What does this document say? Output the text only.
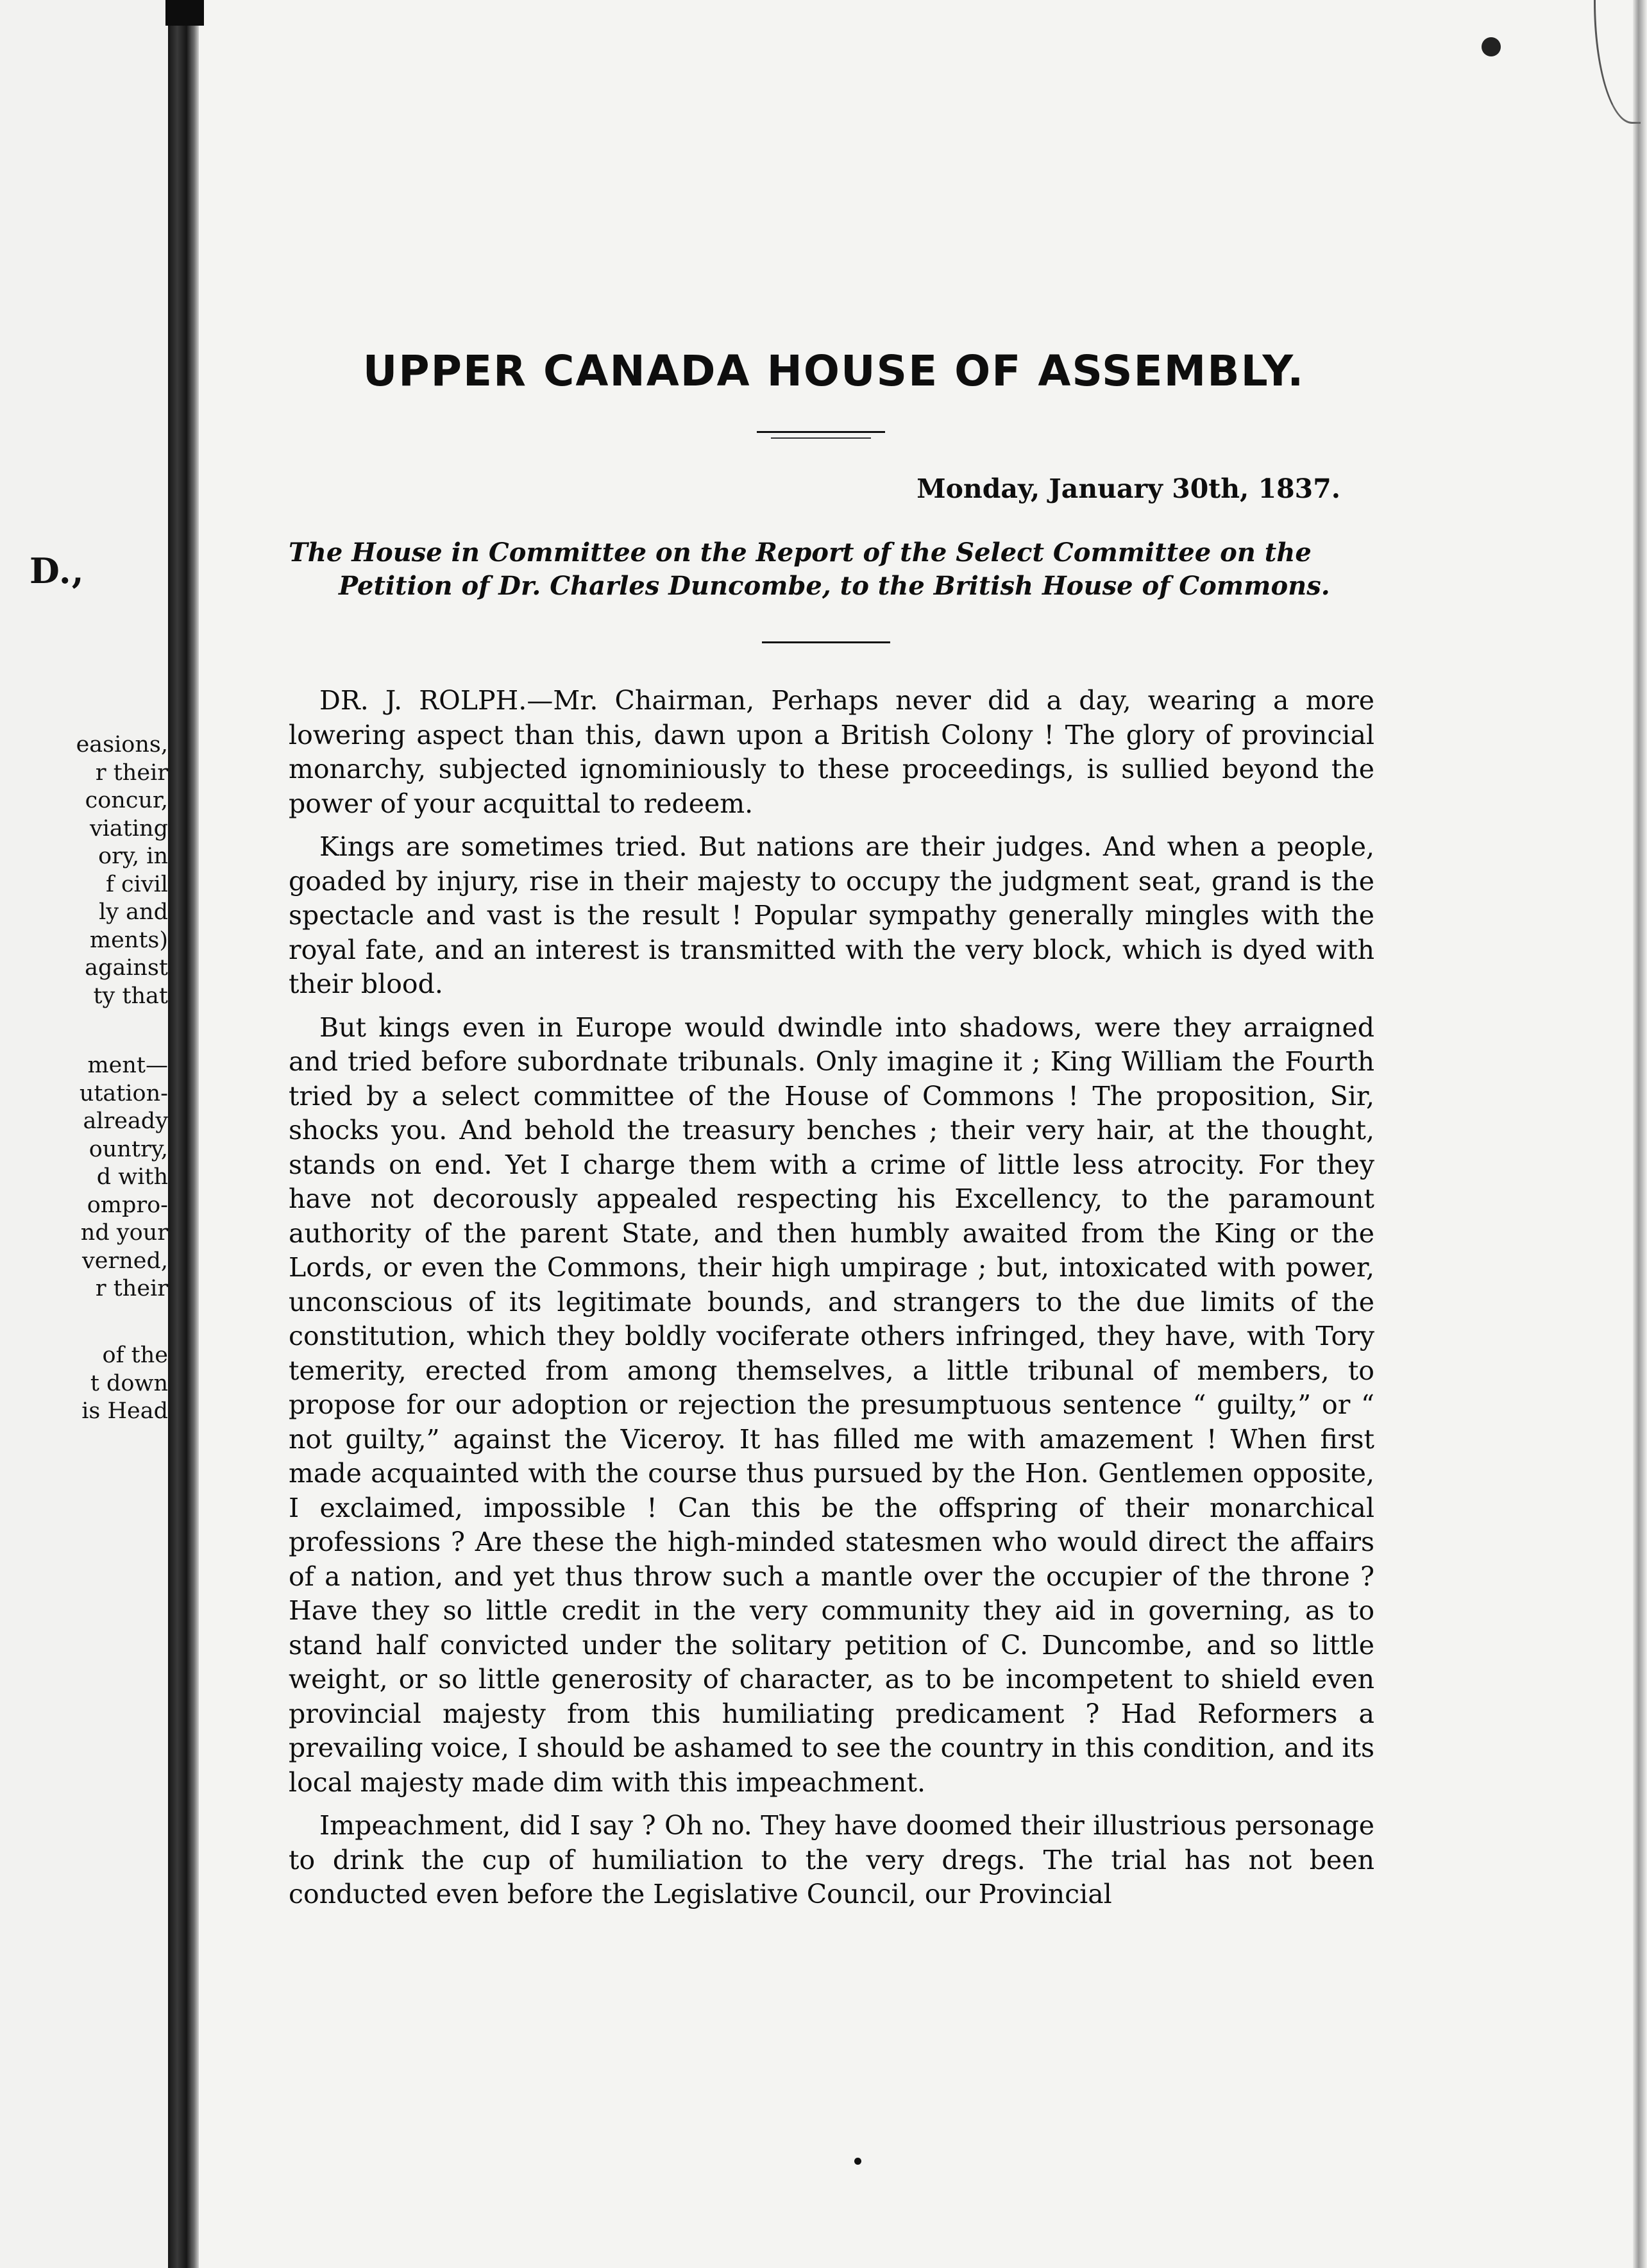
D.,
easions,
r their
concur,
viating
ory, in
f civil
ly and
ments)
against
ty that
ment—
utation-
already
ountry,
d with
ompro-
nd your
verned,
r their
of the
t down
is Head
UPPER CANADA HOUSE OF ASSEMBLY.
Monday, January 30th, 1837.
The House in Committee on the Report of the Select Committee on the
Petition of Dr. Charles Duncombe, to the British House of Commons.

DR. J. ROLPH.—Mr. Chairman, Perhaps never did a day, wearing a more lowering aspect than this, dawn upon a British Colony ! The glory of provincial monarchy, subjected ignominiously to these proceedings, is sullied beyond the power of your acquittal to redeem.

Kings are sometimes tried. But nations are their judges. And when a people, goaded by injury, rise in their majesty to occupy the judgment seat, grand is the spectacle and vast is the result ! Popular sympathy generally mingles with the royal fate, and an interest is transmitted with the very block, which is dyed with their blood.

But kings even in Europe would dwindle into shadows, were they arraigned and tried before subordnate tribunals. Only imagine it ; King William the Fourth tried by a select committee of the House of Commons ! The proposition, Sir, shocks you. And behold the treasury benches ; their very hair, at the thought, stands on end. Yet I charge them with a crime of little less atrocity. For they have not decorously appealed respecting his Excellency, to the paramount authority of the parent State, and then humbly awaited from the King or the Lords, or even the Commons, their high umpirage ; but, intoxicated with power, unconscious of its legitimate bounds, and strangers to the due limits of the constitution, which they boldly vociferate others infringed, they have, with Tory temerity, erected from among themselves, a little tribunal of members, to propose for our adoption or rejection the presumptuous sentence “ guilty,” or “ not guilty,” against the Viceroy. It has filled me with amazement ! When first made acquainted with the course thus pursued by the Hon. Gentlemen opposite, I exclaimed, impossible ! Can this be the offspring of their monarchical professions ? Are these the high-minded statesmen who would direct the affairs of a nation, and yet thus throw such a mantle over the occupier of the throne ? Have they so little credit in the very community they aid in governing, as to stand half convicted under the solitary petition of C. Duncombe, and so little weight, or so little generosity of character, as to be incompetent to shield even provincial majesty from this humiliating predicament ? Had Reformers a prevailing voice, I should be ashamed to see the country in this condition, and its local majesty made dim with this impeachment.

Impeachment, did I say ? Oh no. They have doomed their illustrious personage to drink the cup of humiliation to the very dregs. The trial has not been conducted even before the Legislative Council, our Provincial
